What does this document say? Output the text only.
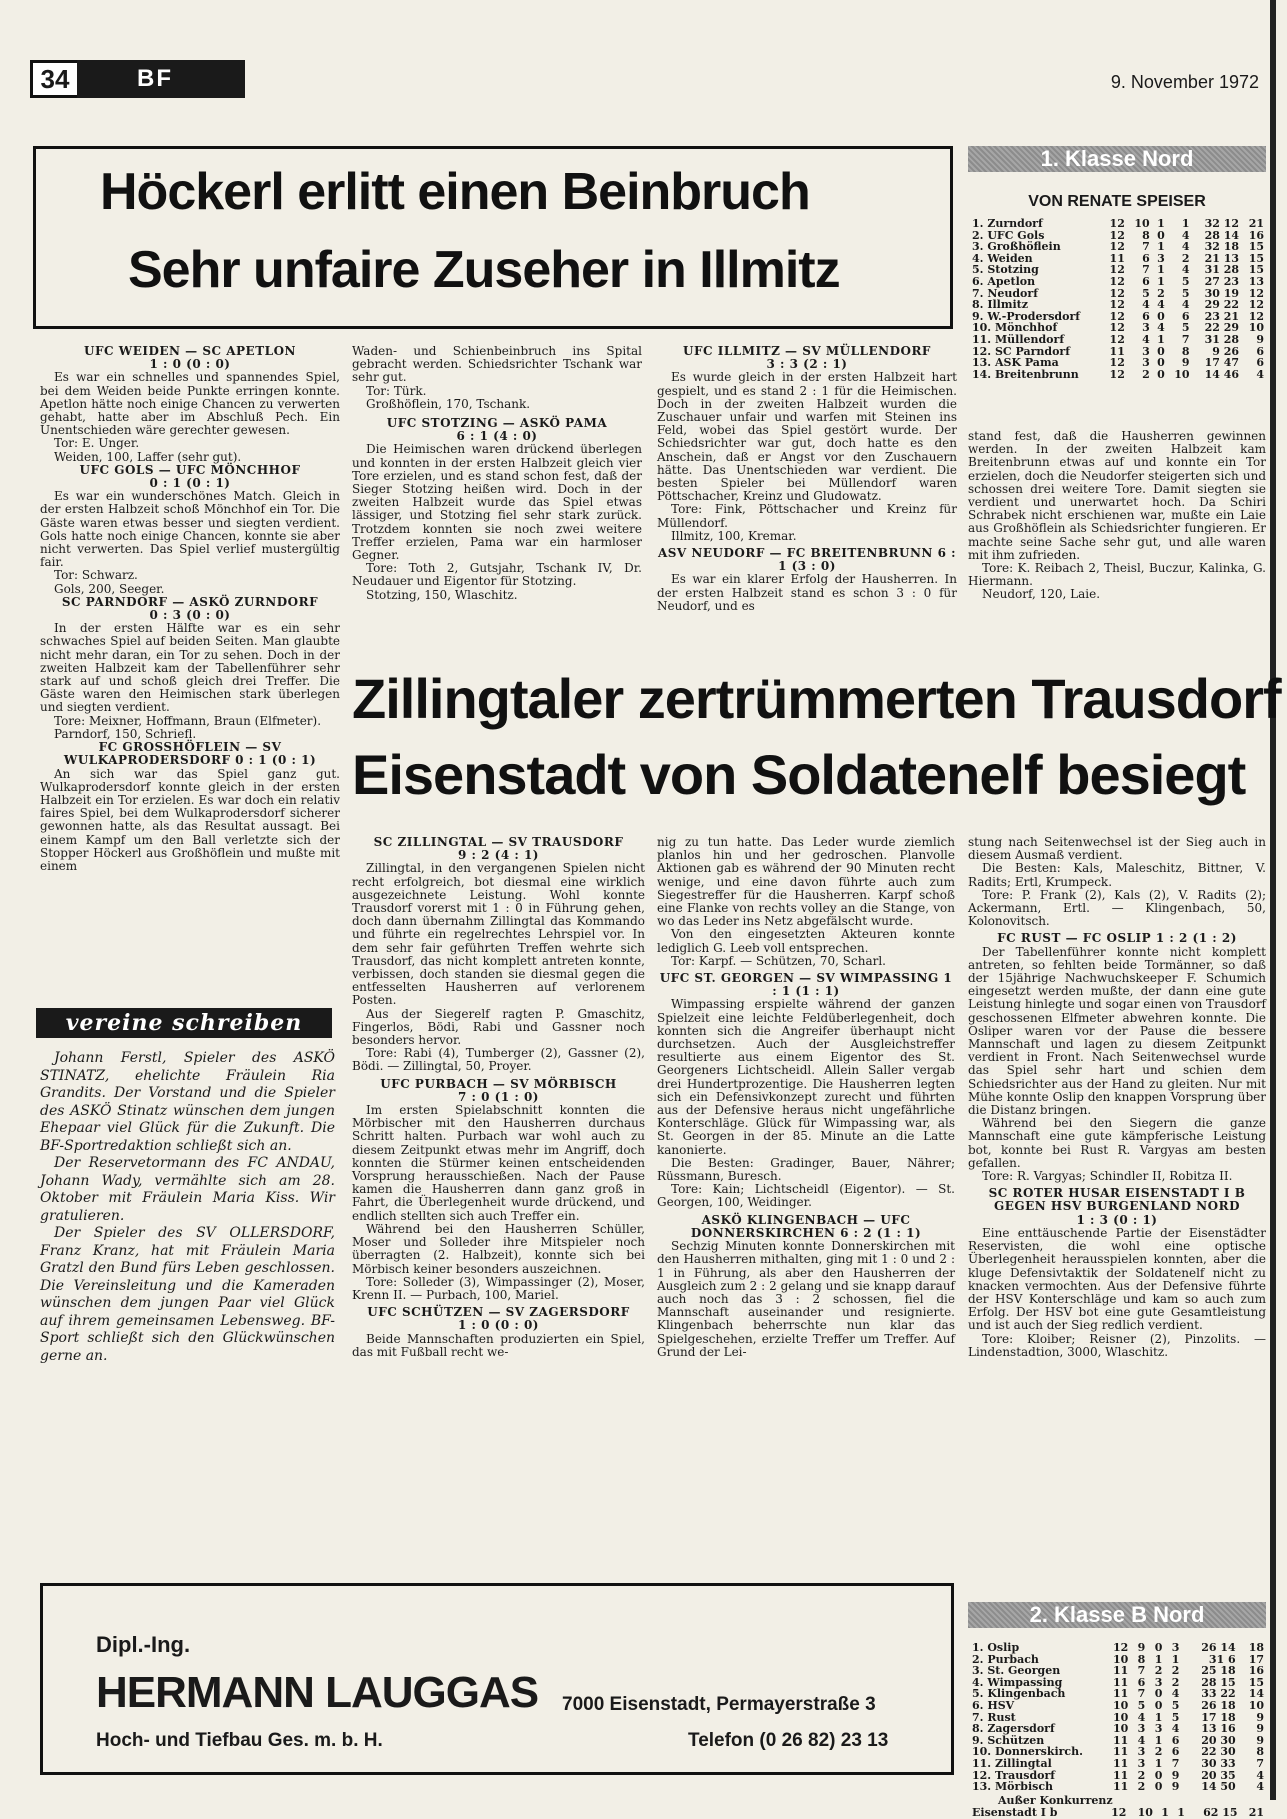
34	BF	9. November 1972
Höckerl erlitt einen Beinbruch
Sehr unfaire Zuseher in Illmitz
1. Klasse Nord
VON RENATE SPEISER
1. Zurndorf	12	10	1	1	32 12	21
2. UFC Gols	12	8	0	4	28 14	16
3. Großhöflein	12	7	1	4	32 18	15
4. Weiden	11	6	3	2	21 13	15
5. Stotzing	12	7	1	4	31 28	15
6. Apetlon	12	6	1	5	27 23	13
7. Neudorf	12	5	2	5	30 19	12
8. Illmitz	12	4	4	4	29 22	12
9. W.-Prodersdorf	12	6	0	6	23 21	12
10. Mönchhof	12	3	4	5	22 29	10
11. Müllendorf	12	4	1	7	31 28	9
12. SC Parndorf	11	3	0	8	9 26	6
13. ASK Pama	12	3	0	9	17 47	6
14. Breitenbrunn	12	2	0	10	14 46	4

UFC WEIDEN — SC APETLON

1 : 0 (0 : 0)

Es war ein schnelles und spannendes Spiel, bei dem Weiden beide Punkte erringen konnte. Apetlon hätte noch einige Chancen zu verwerten gehabt, hatte aber im Abschluß Pech. Ein Unentschieden wäre gerechter gewesen.

Tor: E. Unger.

Weiden, 100, Laffer (sehr gut).

UFC GOLS — UFC MÖNCHHOF

0 : 1 (0 : 1)

Es war ein wunderschönes Match. Gleich in der ersten Halbzeit schoß Mönchhof ein Tor. Die Gäste waren etwas besser und siegten verdient. Gols hatte noch einige Chancen, konnte sie aber nicht verwerten. Das Spiel verlief mustergültig fair.

Tor: Schwarz.

Gols, 200, Seeger.

SC PARNDORF — ASKÖ ZURNDORF

0 : 3 (0 : 0)

In der ersten Hälfte war es ein sehr schwaches Spiel auf beiden Seiten. Man glaubte nicht mehr daran, ein Tor zu sehen. Doch in der zweiten Halbzeit kam der Tabellenführer sehr stark auf und schoß gleich drei Treffer. Die Gäste waren den Heimischen stark überlegen und siegten verdient.

Tore: Meixner, Hoffmann, Braun (Elfmeter).

Parndorf, 150, Schriefl.

FC GROSSHÖFLEIN — SV WULKAPRODERSDORF 0 : 1 (0 : 1)

An sich war das Spiel ganz gut. Wulkaprodersdorf konnte gleich in der ersten Halbzeit ein Tor erzielen. Es war doch ein relativ faires Spiel, bei dem Wulkaprodersdorf sicherer gewonnen hatte, als das Resultat aussagt. Bei einem Kampf um den Ball verletzte sich der Stopper Höckerl aus Großhöflein und mußte mit einem

Waden- und Schienbeinbruch ins Spital gebracht werden. Schiedsrichter Tschank war sehr gut.

Tor: Türk.

Großhöflein, 170, Tschank.

UFC STOTZING — ASKÖ PAMA

6 : 1 (4 : 0)

Die Heimischen waren drückend überlegen und konnten in der ersten Halbzeit gleich vier Tore erzielen, und es stand schon fest, daß der Sieger Stotzing heißen wird. Doch in der zweiten Halbzeit wurde das Spiel etwas lässiger, und Stotzing fiel sehr stark zurück. Trotzdem konnten sie noch zwei weitere Treffer erzielen, Pama war ein harmloser Gegner.

Tore: Toth 2, Gutsjahr, Tschank IV, Dr. Neudauer und Eigentor für Stotzing.

Stotzing, 150, Wlaschitz.

UFC ILLMITZ — SV MÜLLENDORF

3 : 3 (2 : 1)

Es wurde gleich in der ersten Halbzeit hart gespielt, und es stand 2 : 1 für die Heimischen. Doch in der zweiten Halbzeit wurden die Zuschauer unfair und warfen mit Steinen ins Feld, wobei das Spiel gestört wurde. Der Schiedsrichter war gut, doch hatte es den Anschein, daß er Angst vor den Zuschauern hätte. Das Unentschieden war verdient. Die besten Spieler bei Müllendorf waren Pöttschacher, Kreinz und Gludowatz.

Tore: Fink, Pöttschacher und Kreinz für Müllendorf.

Illmitz, 100, Kremar.

ASV NEUDORF — FC BREITENBRUNN 6 : 1 (3 : 0)

Es war ein klarer Erfolg der Hausherren. In der ersten Halbzeit stand es schon 3 : 0 für Neudorf, und es

stand fest, daß die Hausherren gewinnen werden. In der zweiten Halbzeit kam Breitenbrunn etwas auf und konnte ein Tor erzielen, doch die Neudorfer steigerten sich und schossen drei weitere Tore. Damit siegten sie verdient und unerwartet hoch. Da Schiri Schrabek nicht erschienen war, mußte ein Laie aus Großhöflein als Schiedsrichter fungieren. Er machte seine Sache sehr gut, und alle waren mit ihm zufrieden.

Tore: K. Reibach 2, Theisl, Buczur, Kalinka, G. Hiermann.

Neudorf, 120, Laie.

Zillingtaler zertrümmerten Trausdorf
Eisenstadt von Soldatenelf besiegt
vereine schreiben

Johann Ferstl, Spieler des ASKÖ STINATZ, ehelichte Fräulein Ria Grandits. Der Vorstand und die Spieler des ASKÖ Stinatz wünschen dem jungen Ehepaar viel Glück für die Zukunft. Die BF-Sportredaktion schließt sich an.

Der Reservetormann des FC ANDAU, Johann Wady, vermählte sich am 28. Oktober mit Fräulein Maria Kiss. Wir gratulieren.

Der Spieler des SV OLLERSDORF, Franz Kranz, hat mit Fräulein Maria Gratzl den Bund fürs Leben geschlossen. Die Vereinsleitung und die Kameraden wünschen dem jungen Paar viel Glück auf ihrem gemeinsamen Lebensweg. BF-Sport schließt sich den Glückwünschen gerne an.

SC ZILLINGTAL — SV TRAUSDORF

9 : 2 (4 : 1)

Zillingtal, in den vergangenen Spielen nicht recht erfolgreich, bot diesmal eine wirklich ausgezeichnete Leistung. Wohl konnte Trausdorf vorerst mit 1 : 0 in Führung gehen, doch dann übernahm Zillingtal das Kommando und führte ein regelrechtes Lehrspiel vor. In dem sehr fair geführten Treffen wehrte sich Trausdorf, das nicht komplett antreten konnte, verbissen, doch standen sie diesmal gegen die entfesselten Hausherren auf verlorenem Posten.

Aus der Siegerelf ragten P. Gmaschitz, Fingerlos, Bödi, Rabi und Gassner noch besonders hervor.

Tore: Rabi (4), Tumberger (2), Gassner (2), Bödi. — Zillingtal, 50, Proyer.

UFC PURBACH — SV MÖRBISCH

7 : 0 (1 : 0)

Im ersten Spielabschnitt konnten die Mörbischer mit den Hausherren durchaus Schritt halten. Purbach war wohl auch zu diesem Zeitpunkt etwas mehr im Angriff, doch konnten die Stürmer keinen entscheidenden Vorsprung herausschießen. Nach der Pause kamen die Hausherren dann ganz groß in Fahrt, die Überlegenheit wurde drückend, und endlich stellten sich auch Treffer ein.

Während bei den Hausherren Schüller, Moser und Solleder ihre Mitspieler noch überragten (2. Halbzeit), konnte sich bei Mörbisch keiner besonders auszeichnen.

Tore: Solleder (3), Wimpassinger (2), Moser, Krenn II. — Purbach, 100, Mariel.

UFC SCHÜTZEN — SV ZAGERSDORF

1 : 0 (0 : 0)

Beide Mannschaften produzierten ein Spiel, das mit Fußball recht we-

nig zu tun hatte. Das Leder wurde ziemlich planlos hin und her gedroschen. Planvolle Aktionen gab es während der 90 Minuten recht wenige, und eine davon führte auch zum Siegestreffer für die Hausherren. Karpf schoß eine Flanke von rechts volley an die Stange, von wo das Leder ins Netz abgefälscht wurde.

Von den eingesetzten Akteuren konnte lediglich G. Leeb voll entsprechen.

Tor: Karpf. — Schützen, 70, Scharl.

UFC ST. GEORGEN — SV WIMPASSING 1 : 1 (1 : 1)

Wimpassing erspielte während der ganzen Spielzeit eine leichte Feldüberlegenheit, doch konnten sich die Angreifer überhaupt nicht durchsetzen. Auch der Ausgleichstreffer resultierte aus einem Eigentor des St. Georgeners Lichtscheidl. Allein Saller vergab drei Hundertprozentige. Die Hausherren legten sich ein Defensivkonzept zurecht und führten aus der Defensive heraus nicht ungefährliche Konterschläge. Glück für Wimpassing war, als St. Georgen in der 85. Minute an die Latte kanonierte.

Die Besten: Gradinger, Bauer, Nährer; Rüssmann, Buresch.

Tore: Kain; Lichtscheidl (Eigentor). — St. Georgen, 100, Weidinger.

ASKÖ KLINGENBACH — UFC DONNERSKIRCHEN 6 : 2 (1 : 1)

Sechzig Minuten konnte Donnerskirchen mit den Hausherren mithalten, ging mit 1 : 0 und 2 : 1 in Führung, als aber den Hausherren der Ausgleich zum 2 : 2 gelang und sie knapp darauf auch noch das 3 : 2 schossen, fiel die Mannschaft auseinander und resignierte. Klingenbach beherrschte nun klar das Spielgeschehen, erzielte Treffer um Treffer. Auf Grund der Lei-

stung nach Seitenwechsel ist der Sieg auch in diesem Ausmaß verdient.

Die Besten: Kals, Maleschitz, Bittner, V. Radits; Ertl, Krumpeck.

Tore: P. Frank (2), Kals (2), V. Radits (2); Ackermann, Ertl. — Klingenbach, 50, Kolonovitsch.

FC RUST — FC OSLIP 1 : 2 (1 : 2)

Der Tabellenführer konnte nicht komplett antreten, so fehlten beide Tormänner, so daß der 15jährige Nachwuchskeeper F. Schumich eingesetzt werden mußte, der dann eine gute Leistung hinlegte und sogar einen von Trausdorf geschossenen Elfmeter abwehren konnte. Die Osliper waren vor der Pause die bessere Mannschaft und lagen zu diesem Zeitpunkt verdient in Front. Nach Seitenwechsel wurde das Spiel sehr hart und schien dem Schiedsrichter aus der Hand zu gleiten. Nur mit Mühe konnte Oslip den knappen Vorsprung über die Distanz bringen.

Während bei den Siegern die ganze Mannschaft eine gute kämpferische Leistung bot, konnte bei Rust R. Vargyas am besten gefallen.

Tore: R. Vargyas; Schindler II, Robitza II.

SC ROTER HUSAR EISENSTADT I B GEGEN HSV BURGENLAND NORD

1 : 3 (0 : 1)

Eine enttäuschende Partie der Eisenstädter Reservisten, die wohl eine optische Überlegenheit herausspielen konnten, aber die kluge Defensivtaktik der Soldatenelf nicht zu knacken vermochten. Aus der Defensive führte der HSV Konterschläge und kam so auch zum Erfolg. Der HSV bot eine gute Gesamtleistung und ist auch der Sieg redlich verdient.

Tore: Kloiber; Reisner (2), Pinzolits. — Lindenstadtion, 3000, Wlaschitz.

2. Klasse B Nord
1. Oslip	12	9	0	3	26 14	18
2. Purbach	10	8	1	1	31 6	17
3. St. Georgen	11	7	2	2	25 18	16
4. Wimpassing	11	6	3	2	28 15	15
5. Klingenbach	11	7	0	4	33 22	14
6. HSV	10	5	0	5	26 18	10
7. Rust	10	4	1	5	17 18	9
8. Zagersdorf	10	3	3	4	13 16	9
9. Schützen	11	4	1	6	20 30	9
10. Donnerskirch.	11	3	2	6	22 30	8
11. Zillingtal	11	3	1	7	30 33	7
12. Trausdorf	11	2	0	9	20 35	4
13. Mörbisch	11	2	0	9	14 50	4
Außer Konkurrenz
Eisenstadt I b	12	10	1	1	62 15	21
Dipl.-Ing.
HERMANN LAUGGAS
Hoch- und Tiefbau Ges. m. b. H.
7000 Eisenstadt, Permayerstraße 3
Telefon (0 26 82) 23 13
